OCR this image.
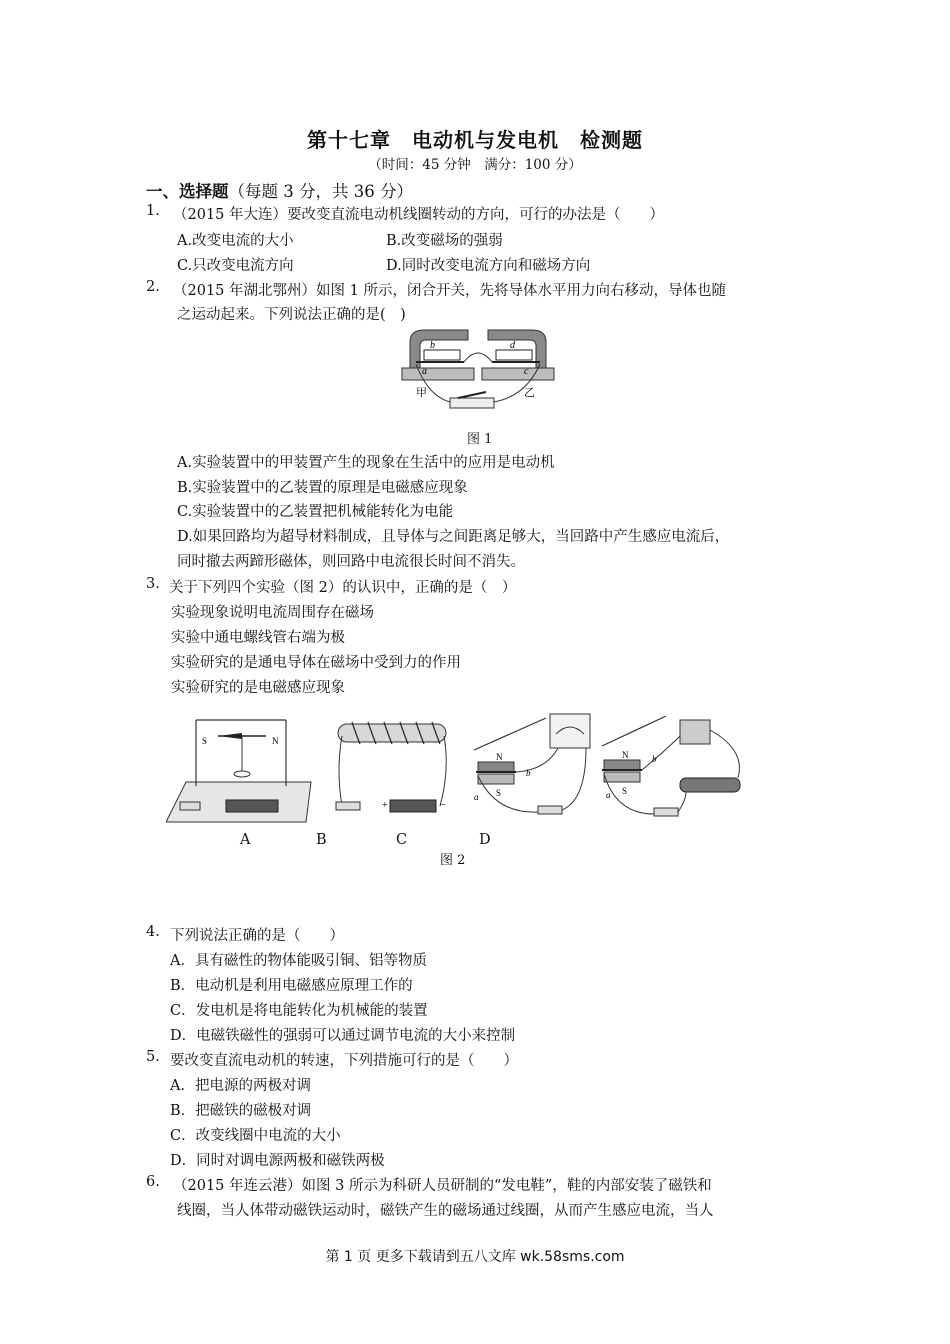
第十七章　电动机与发电机　检测题
（时间：45 分钟　满分：100 分）
一、选择题（每题 3 分，共 36 分）
1. （2015 年大连）要改变直流电动机线圈转动的方向，可行的办法是（　　）
A.改变电流的大小	B.改变磁场的强弱
C.只改变电流方向	D.同时改变电流方向和磁场方向
2. （2015 年湖北鄂州）如图 1 所示，闭合开关，先将导体水平用力向右移动，导体也随
之运动起来。下列说法正确的是(　)
b	d
a	c
甲	乙
图 1
A.实验装置中的甲装置产生的现象在生活中的应用是电动机
B.实验装置中的乙装置的原理是电磁感应现象
C.实验装置中的乙装置把机械能转化为电能
D.如果回路均为超导材料制成，且导体与之间距离足够大，当回路中产生感应电流后，
同时撤去两蹄形磁体，则回路中电流很长时间不消失。
3. 关于下列四个实验（图 2）的认识中，正确的是（　）
实验现象说明电流周围存在磁场
实验中通电螺线管右端为极
实验研究的是通电导体在磁场中受到力的作用
实验研究的是电磁感应现象
S	N
+	−
N
S
a
b
N
S
a
b
A	B	C	D
图 2
4. 下列说法正确的是（　　）
A．具有磁性的物体能吸引铜、铝等物质
B．电动机是利用电磁感应原理工作的
C．发电机是将电能转化为机械能的装置
D．电磁铁磁性的强弱可以通过调节电流的大小来控制
5. 要改变直流电动机的转速，下列措施可行的是（　　）
A．把电源的两极对调
B．把磁铁的磁极对调
C．改变线圈中电流的大小
D．同时对调电源两极和磁铁两极
6. （2015 年连云港）如图 3 所示为科研人员研制的“发电鞋”，鞋的内部安装了磁铁和
线圈，当人体带动磁铁运动时，磁铁产生的磁场通过线圈，从而产生感应电流，当人
第 1 页 更多下载请到五八文库 wk.58sms.com
